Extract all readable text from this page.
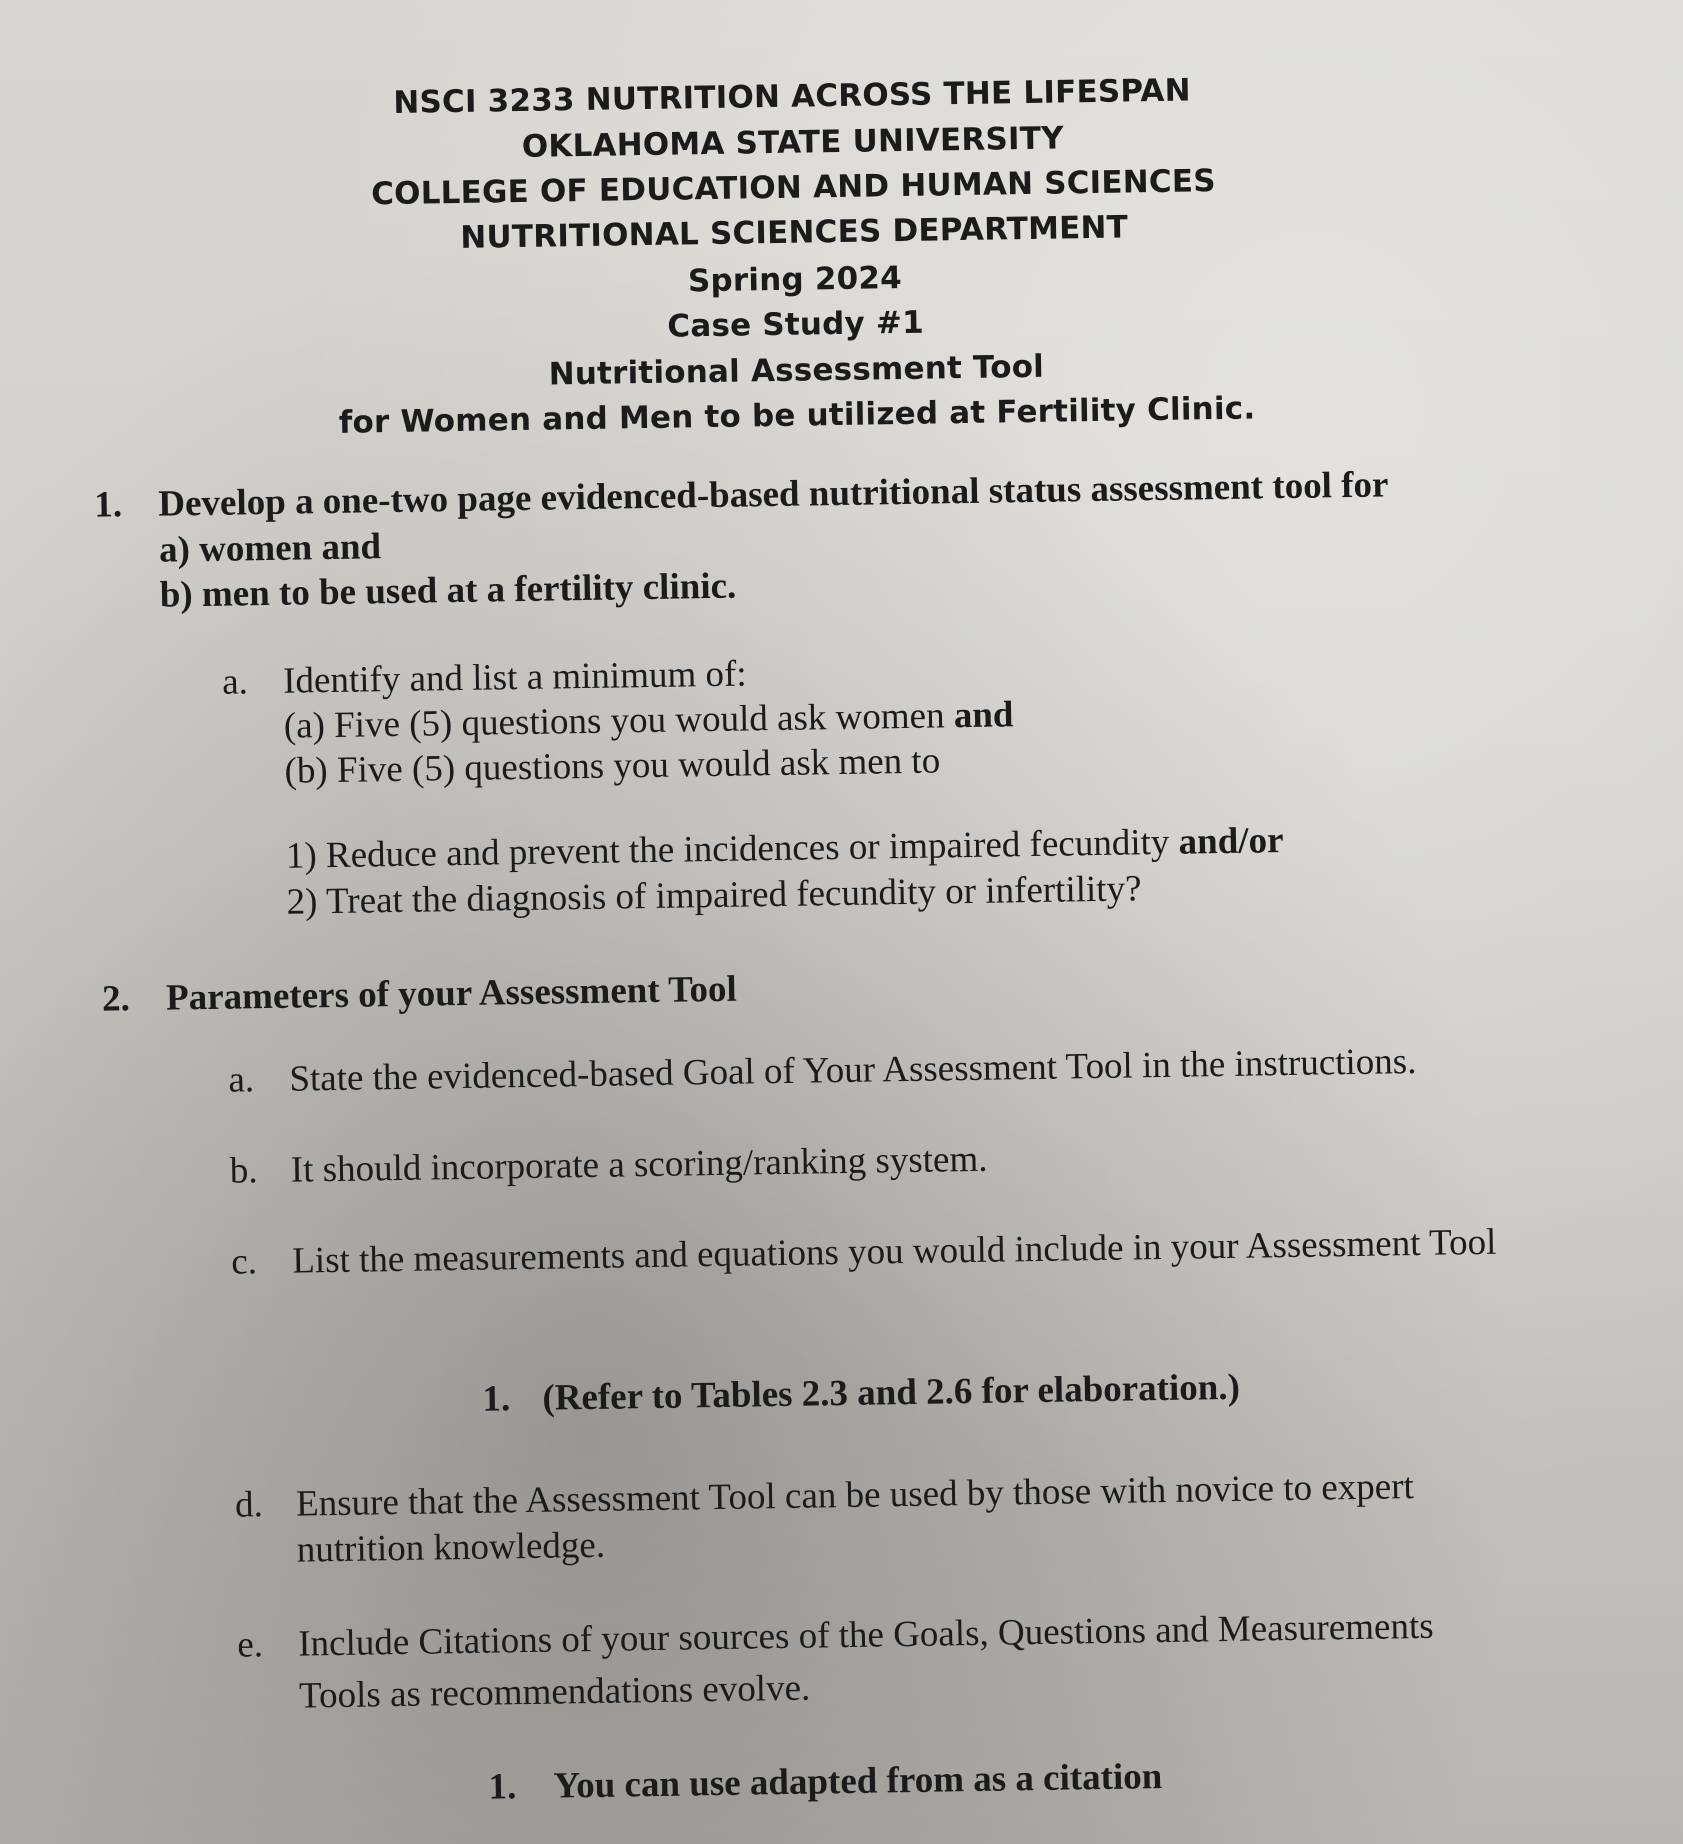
NSCI 3233 NUTRITION ACROSS THE LIFESPAN

OKLAHOMA STATE UNIVERSITY

COLLEGE OF EDUCATION AND HUMAN SCIENCES

NUTRITIONAL SCIENCES DEPARTMENT

Spring 2024

Case Study #1

Nutritional Assessment Tool

for Women and Men to be utilized at Fertility Clinic.

1. Develop a one-two page evidenced-based nutritional status assessment tool for

a) women and

b) men to be used at a fertility clinic.

a. Identify and list a minimum of:

(a) Five (5) questions you would ask women and

(b) Five (5) questions you would ask men to

1) Reduce and prevent the incidences or impaired fecundity and/or

2) Treat the diagnosis of impaired fecundity or infertility?

2. Parameters of your Assessment Tool

a. State the evidenced-based Goal of Your Assessment Tool in the instructions.

b. It should incorporate a scoring/ranking system.

c. List the measurements and equations you would include in your Assessment Tool

1. (Refer to Tables 2.3 and 2.6 for elaboration.)

d. Ensure that the Assessment Tool can be used by those with novice to expert

nutrition knowledge.

e. Include Citations of your sources of the Goals, Questions and Measurements

Tools as recommendations evolve.

1. You can use adapted from as a citation
